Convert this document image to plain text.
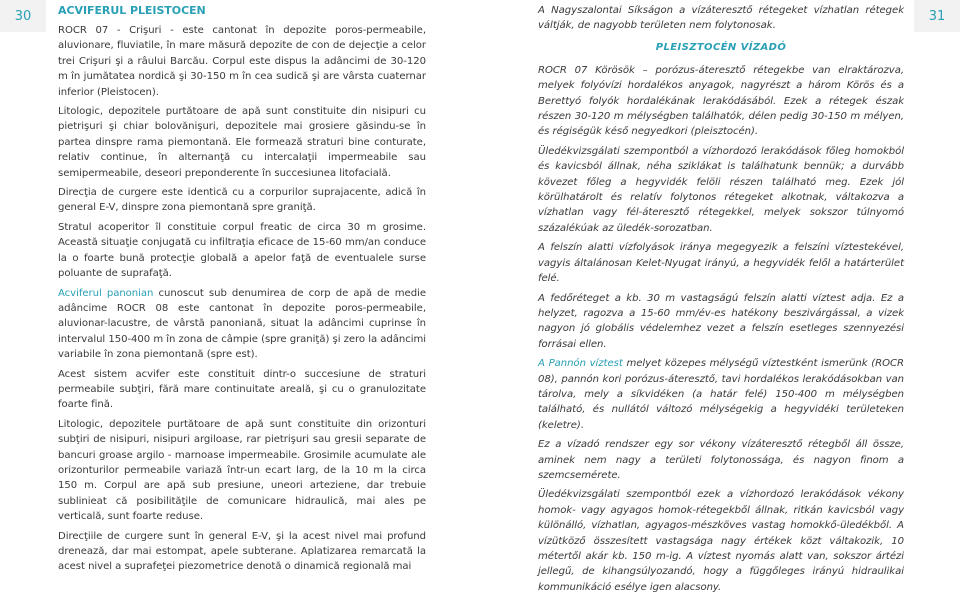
30	31
ACVIFERUL PLEISTOCEN

ROCR 07 - Crişuri - este cantonat în depozite poros-permeabile, aluvionare, fluviatile, în mare măsură depozite de con de dejecţie a celor trei Crişuri şi a râului Barcău. Corpul este dispus la adâncimi de 30-120 m în jumătatea nordică şi 30-150 m în cea sudică şi are vârsta cuaternar inferior (Pleistocen).

Litologic, depozitele purtătoare de apă sunt constituite din nisipuri cu pietrişuri şi chiar bolovănişuri, depozitele mai grosiere găsindu-se în partea dinspre rama piemontană. Ele formează straturi bine conturate, relativ continue, în alternanţă cu intercalaţii impermeabile sau semipermeabile, deseori preponderente în succesiunea litofacială.

Direcţia de curgere este identică cu a corpurilor suprajacente, adică în general E-V, dinspre zona piemontană spre graniţă.

Stratul acoperitor îl constituie corpul freatic de circa 30 m grosime. Această situaţie conjugată cu infiltraţia eficace de 15-60 mm/an conduce la o foarte bună protecţie globală a apelor faţă de eventualele surse poluante de suprafaţă.

Acviferul panonian cunoscut sub denumirea de corp de apă de medie adâncime ROCR 08 este cantonat în depozite poros-permeabile, aluvionar-lacustre, de vârstă panoniană, situat la adâncimi cuprinse în intervalul 150-400 m în zona de câmpie (spre graniţă) şi zero la adâncimi variabile în zona piemontană (spre est).

Acest sistem acvifer este constituit dintr-o succesiune de straturi permeabile subţiri, fără mare continuitate areală, şi cu o granulozitate foarte fină.

Litologic, depozitele purtătoare de apă sunt constituite din orizonturi subţiri de nisipuri, nisipuri argiloase, rar pietrişuri sau gresii separate de bancuri groase argilo - marnoase impermeabile. Grosimile acumulate ale orizonturilor permeabile variază într-un ecart larg, de la 10 m la circa 150 m. Corpul are apă sub presiune, uneori arteziene, dar trebuie sublinieat că posibilităţile de comunicare hidraulică, mai ales pe verticală, sunt foarte reduse.

Direcţiile de curgere sunt în general E-V, şi la acest nivel mai profund drenează, dar mai estompat, apele subterane. Aplatizarea remarcată la acest nivel a suprafeţei piezometrice denotă o dinamică regională mai

A Nagyszalontai Síkságon a vízáteresztő rétegeket vízhatlan rétegek váltják, de nagyobb területen nem folytonosak.

PLEISZTOCÉN VÍZADÓ

ROCR 07 Körösök – porózus-áteresztő rétegekbe van elraktározva, melyek folyóvízi hordalékos anyagok, nagyrészt a három Körös és a Berettyó folyók hordalékának lerakódásából. Ezek a rétegek észak részen 30-120 m mélységben találhatók, délen pedig 30-150 m mélyen, és régiségük késő negyedkori (pleisztocén).

Üledékvizsgálati szempontból a vízhordozó lerakódások főleg homokból és kavicsból állnak, néha sziklákat is találhatunk bennük; a durvább kövezet főleg a hegyvidék felöli részen található meg. Ezek jól körülhatárolt és relatív folytonos rétegeket alkotnak, váltakozva a vízhatlan vagy fél-áteresztő rétegekkel, melyek sokszor túlnyomó százalékúak az üledék-sorozatban.

A felszín alatti vízfolyások iránya megegyezik a felszíni víztestekével, vagyis általánosan Kelet-Nyugat irányú, a hegyvidék felől a határterület felé.

A fedőréteget a kb. 30 m vastagságú felszín alatti víztest adja. Ez a helyzet, ragozva a 15-60 mm/év-es hatékony beszivárgással, a vizek nagyon jó globális védelemhez vezet a felszín esetleges szennyezési forrásai ellen.

A Pannón víztest melyet közepes mélységű víztestként ismerünk (ROCR 08), pannón kori porózus-áteresztő, tavi hordalékos lerakódásokban van tárolva, mely a síkvidéken (a határ felé) 150-400 m mélységben található, és nullától változó mélységekig a hegyvidéki területeken (keletre).

Ez a vízadó rendszer egy sor vékony vízáteresztő rétegből áll össze, aminek nem nagy a területi folytonossága, és nagyon finom a szemcsemérete.

Üledékvizsgálati szempontból ezek a vízhordozó lerakódások vékony homok- vagy agyagos homok-rétegekből állnak, ritkán kavicsból vagy különálló, vízhatlan, agyagos-mészköves vastag homokkő-üledékből. A vízütköző összesített vastagsága nagy értékek közt váltakozik, 10 métertől akár kb. 150 m-ig. A víztest nyomás alatt van, sokszor ártézi jellegű, de kihangsúlyozandó, hogy a függőleges irányú hidraulikai kommunikáció esélye igen alacsony.
